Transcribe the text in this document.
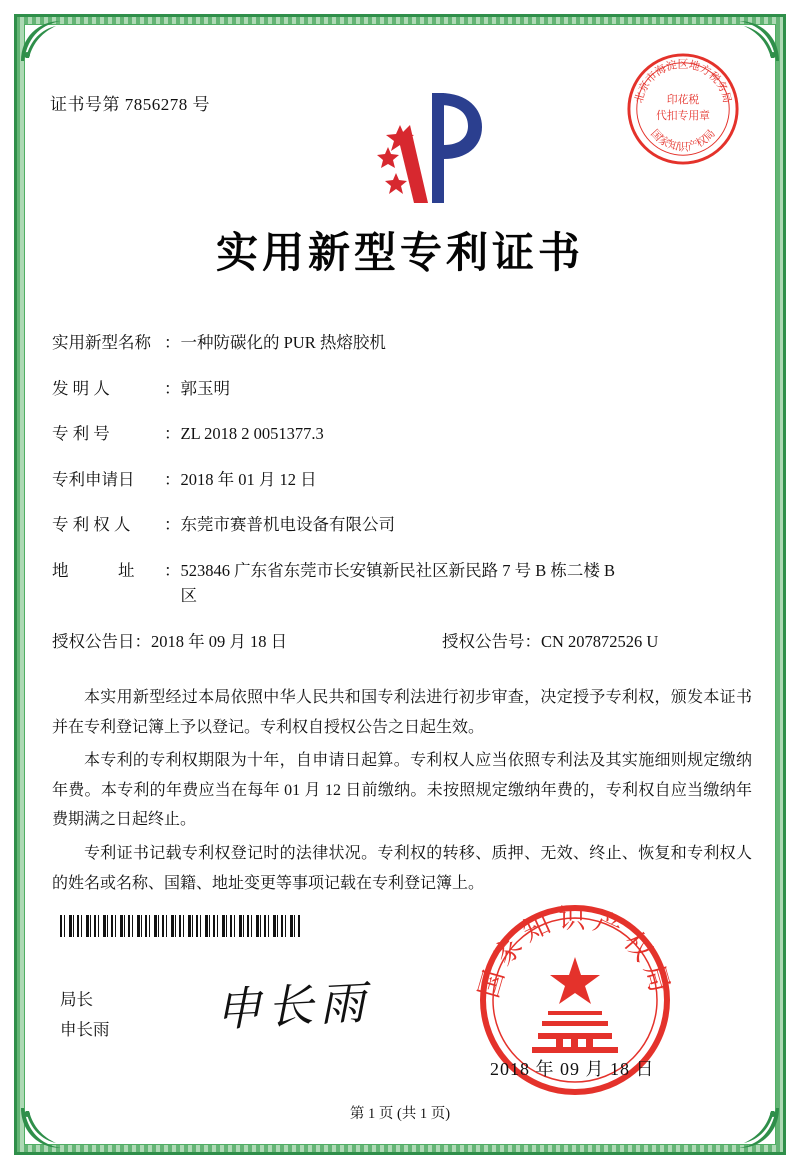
证书号第 7856278 号	北京市海淀区地方税务局
国家知识产权局
印花税
代扣专用章
实用新型专利证书
实用新型名称 ： 一种防碳化的 PUR 热熔胶机
发 明 人	： 郭玉明
专 利 号	： ZL 2018 2 0051377.3
专利申请日	： 2018 年 01 月 12 日
专 利 权 人	： 东莞市赛普机电设备有限公司
地　　　址	： 523846 广东省东莞市长安镇新民社区新民路 7 号 B 栋二楼 B
区
授权公告日 ： 2018 年 09 月 18 日	授权公告号 ： CN 207872526 U

本实用新型经过本局依照中华人民共和国专利法进行初步审查，决定授予专利权，颁发本证书并在专利登记簿上予以登记。专利权自授权公告之日起生效。

本专利的专利权期限为十年，自申请日起算。专利权人应当依照专利法及其实施细则规定缴纳年费。本专利的年费应当在每年 01 月 12 日前缴纳。未按照规定缴纳年费的，专利权自应当缴纳年费期满之日起终止。

专利证书记载专利权登记时的法律状况。专利权的转移、质押、无效、终止、恢复和专利权人的姓名或名称、国籍、地址变更等事项记载在专利登记簿上。

局长
申长雨 申长雨	国家知识产权局
2018 年 09 月 18 日
第 1 页 (共 1 页)
